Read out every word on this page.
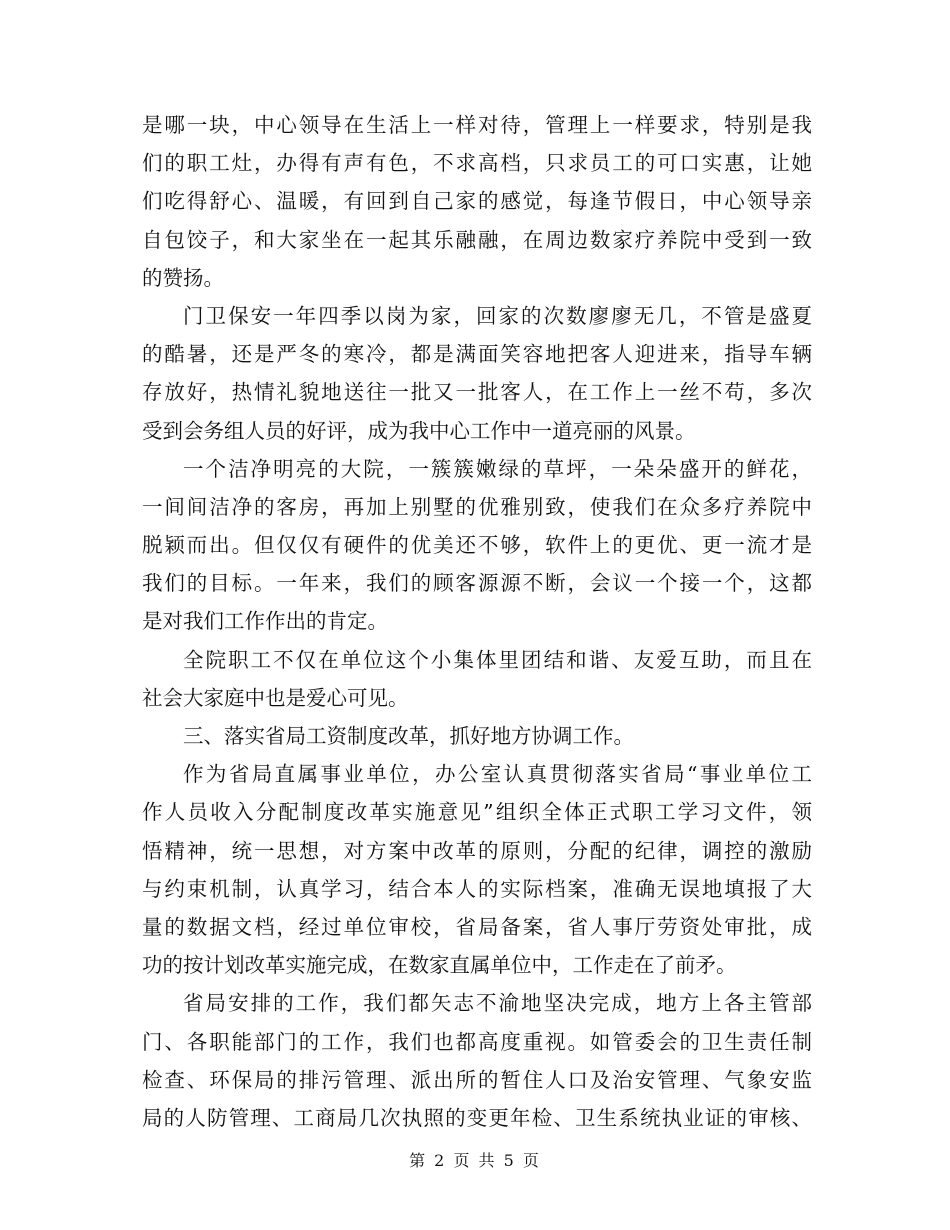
是哪一块，中心领导在生活上一样对待，管理上一样要求，特别是我
们的职工灶，办得有声有色，不求高档，只求员工的可口实惠，让她
们吃得舒心、温暖，有回到自己家的感觉，每逢节假日，中心领导亲
自包饺子，和大家坐在一起其乐融融，在周边数家疗养院中受到一致
的赞扬。
门卫保安一年四季以岗为家，回家的次数廖廖无几，不管是盛夏
的酷暑，还是严冬的寒冷，都是满面笑容地把客人迎进来，指导车辆
存放好，热情礼貌地送往一批又一批客人，在工作上一丝不苟，多次
受到会务组人员的好评，成为我中心工作中一道亮丽的风景。
一个洁净明亮的大院，一簇簇嫩绿的草坪，一朵朵盛开的鲜花，
一间间洁净的客房，再加上别墅的优雅别致，使我们在众多疗养院中
脱颖而出。但仅仅有硬件的优美还不够，软件上的更优、更一流才是
我们的目标。一年来，我们的顾客源源不断，会议一个接一个，这都
是对我们工作作出的肯定。
全院职工不仅在单位这个小集体里团结和谐、友爱互助，而且在
社会大家庭中也是爱心可见。
三、落实省局工资制度改革，抓好地方协调工作。
作为省局直属事业单位，办公室认真贯彻落实省局“事业单位工
作人员收入分配制度改革实施意见”组织全体正式职工学习文件，领
悟精神，统一思想，对方案中改革的原则，分配的纪律，调控的激励
与约束机制，认真学习，结合本人的实际档案，准确无误地填报了大
量的数据文档，经过单位审校，省局备案，省人事厅劳资处审批，成
功的按计划改革实施完成，在数家直属单位中，工作走在了前矛。
省局安排的工作，我们都矢志不渝地坚决完成，地方上各主管部
门、各职能部门的工作，我们也都高度重视。如管委会的卫生责任制
检查、环保局的排污管理、派出所的暂住人口及治安管理、气象安监
局的人防管理、工商局几次执照的变更年检、卫生系统执业证的审核、
第 2 页 共 5 页
